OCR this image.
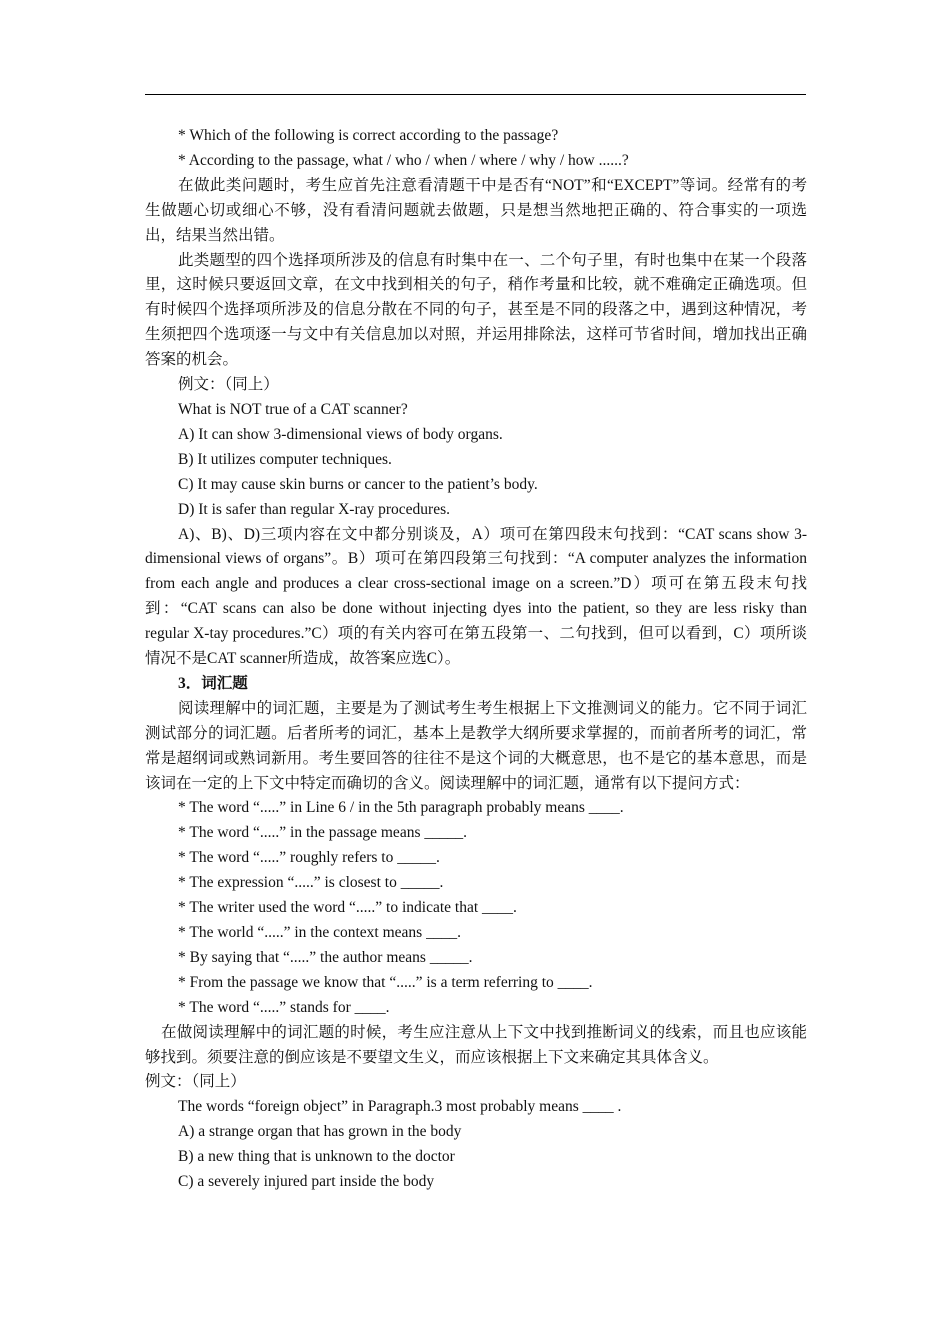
* Which of the following is correct according to the passage?

* According to the passage, what / who / when / where / why / how ......?

在做此类问题时，考生应首先注意看清题干中是否有“NOT”和“EXCEPT”等词。经常有的考生做题心切或细心不够，没有看清问题就去做题，只是想当然地把正确的、符合事实的一项选出，结果当然出错。

此类题型的四个选择项所涉及的信息有时集中在一、二个句子里，有时也集中在某一个段落里，这时候只要返回文章，在文中找到相关的句子，稍作考量和比较，就不难确定正确选项。但有时候四个选择项所涉及的信息分散在不同的句子，甚至是不同的段落之中，遇到这种情况，考生须把四个选项逐一与文中有关信息加以对照，并运用排除法，这样可节省时间，增加找出正确答案的机会。

例文：（同上）

What is NOT true of a CAT scanner?

A) It can show 3-dimensional views of body organs.

B) It utilizes computer techniques.

C) It may cause skin burns or cancer to the patient’s body.

D) It is safer than regular X-ray procedures.

A)、B)、D)三项内容在文中都分别谈及，A）项可在第四段末句找到：“CAT scans show 3-dimensional views of organs”。B）项可在第四段第三句找到：“A computer analyzes the information from each angle and produces a clear cross-sectional image on a screen.”D）项可在第五段末句找到：“CAT scans can also be done without injecting dyes into the patient, so they are less risky than regular X-tay procedures.”C）项的有关内容可在第五段第一、二句找到，但可以看到，C）项所谈情况不是CAT scanner所造成，故答案应选C）。

3．词汇题

阅读理解中的词汇题，主要是为了测试考生考生根据上下文推测词义的能力。它不同于词汇测试部分的词汇题。后者所考的词汇，基本上是教学大纲所要求掌握的，而前者所考的词汇，常常是超纲词或熟词新用。考生要回答的往往不是这个词的大概意思，也不是它的基本意思，而是该词在一定的上下文中特定而确切的含义。阅读理解中的词汇题，通常有以下提问方式：

* The word “.....” in Line 6 / in the 5th paragraph probably means ____.

* The word “.....” in the passage means _____.

* The word “.....” roughly refers to _____.

* The expression “.....” is closest to _____.

* The writer used the word “.....” to indicate that ____.

* The world “.....” in the context means ____.

* By saying that “.....” the author means _____.

* From the passage we know that “.....” is a term referring to ____.

* The word “.....” stands for ____.

在做阅读理解中的词汇题的时候，考生应注意从上下文中找到推断词义的线索，而且也应该能够找到。须要注意的倒应该是不要望文生义，而应该根据上下文来确定其具体含义。

例文：（同上）

The words “foreign object” in Paragraph.3 most probably means ____ .

A) a strange organ that has grown in the body

B) a new thing that is unknown to the doctor

C) a severely injured part inside the body
